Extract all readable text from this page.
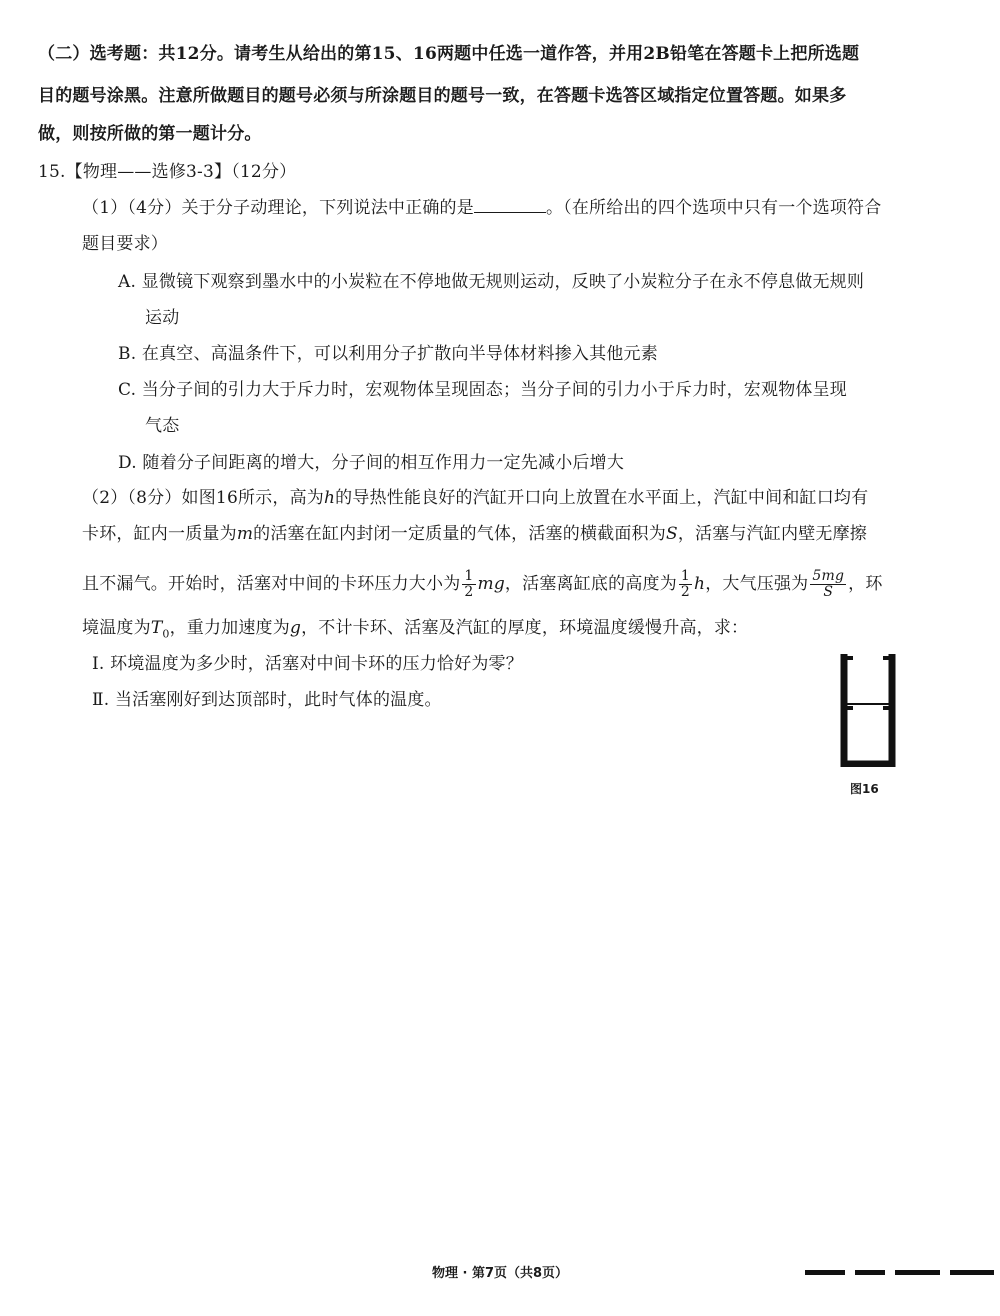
（二）选考题：共12分。请考生从给出的第15、16两题中任选一道作答，并用2B铅笔在答题卡上把所选题
目的题号涂黑。注意所做题目的题号必须与所涂题目的题号一致，在答题卡选答区域指定位置答题。如果多
做，则按所做的第一题计分。
15.【物理——选修3-3】（12分）
（1）（4分）关于分子动理论，下列说法中正确的是	。（在所给出的四个选项中只有一个选项符合
题目要求）
A. 显微镜下观察到墨水中的小炭粒在不停地做无规则运动，反映了小炭粒分子在永不停息做无规则
运动
B. 在真空、高温条件下，可以利用分子扩散向半导体材料掺入其他元素
C. 当分子间的引力大于斥力时，宏观物体呈现固态；当分子间的引力小于斥力时，宏观物体呈现
气态
D. 随着分子间距离的增大，分子间的相互作用力一定先减小后增大
（2）（8分）如图16所示，高为h的导热性能良好的汽缸开口向上放置在水平面上，汽缸中间和缸口均有
卡环，缸内一质量为m的活塞在缸内封闭一定质量的气体，活塞的横截面积为S，活塞与汽缸内壁无摩擦
且不漏气。开始时，活塞对中间的卡环压力大小为 $\frac{1}{2}$ mg，活塞离缸底的高度为 $\frac{1}{2}$ h，大气压强为 $\frac{5mg}{S}$ ，环
境温度为$T_0$，重力加速度为g，不计卡环、活塞及汽缸的厚度，环境温度缓慢升高，求：
Ⅰ. 环境温度为多少时，活塞对中间卡环的压力恰好为零？
Ⅱ. 当活塞刚好到达顶部时，此时气体的温度。
图16
物理 · 第7页（共8页）
